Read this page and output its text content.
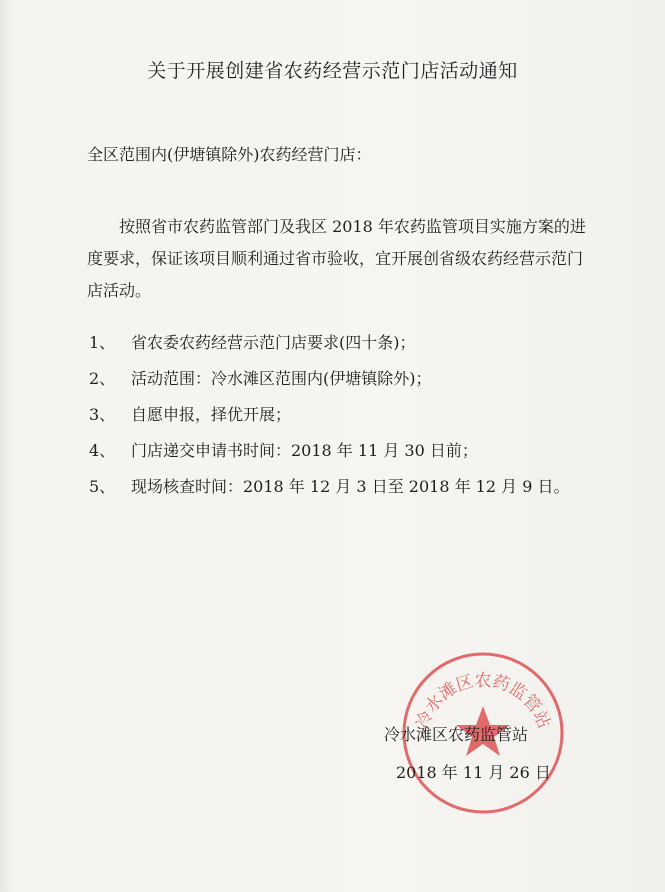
关于开展创建省农药经营示范门店活动通知
全区范围内(伊塘镇除外)农药经营门店：
按照省市农药监管部门及我区 2018 年农药监管项目实施方案的进度要求，保证该项目顺利通过省市验收，宜开展创省级农药经营示范门店活动。
1、 省农委农药经营示范门店要求(四十条)；
2、 活动范围：冷水滩区范围内(伊塘镇除外)；
3、 自愿申报，择优开展；
4、 门店递交申请书时间：2018 年 11 月 30 日前；
5、 现场核查时间：2018 年 12 月 3 日至 2018 年 12 月 9 日。
冷水滩区农药监管站
冷水滩区农药监管站
2018 年 11 月 26 日
